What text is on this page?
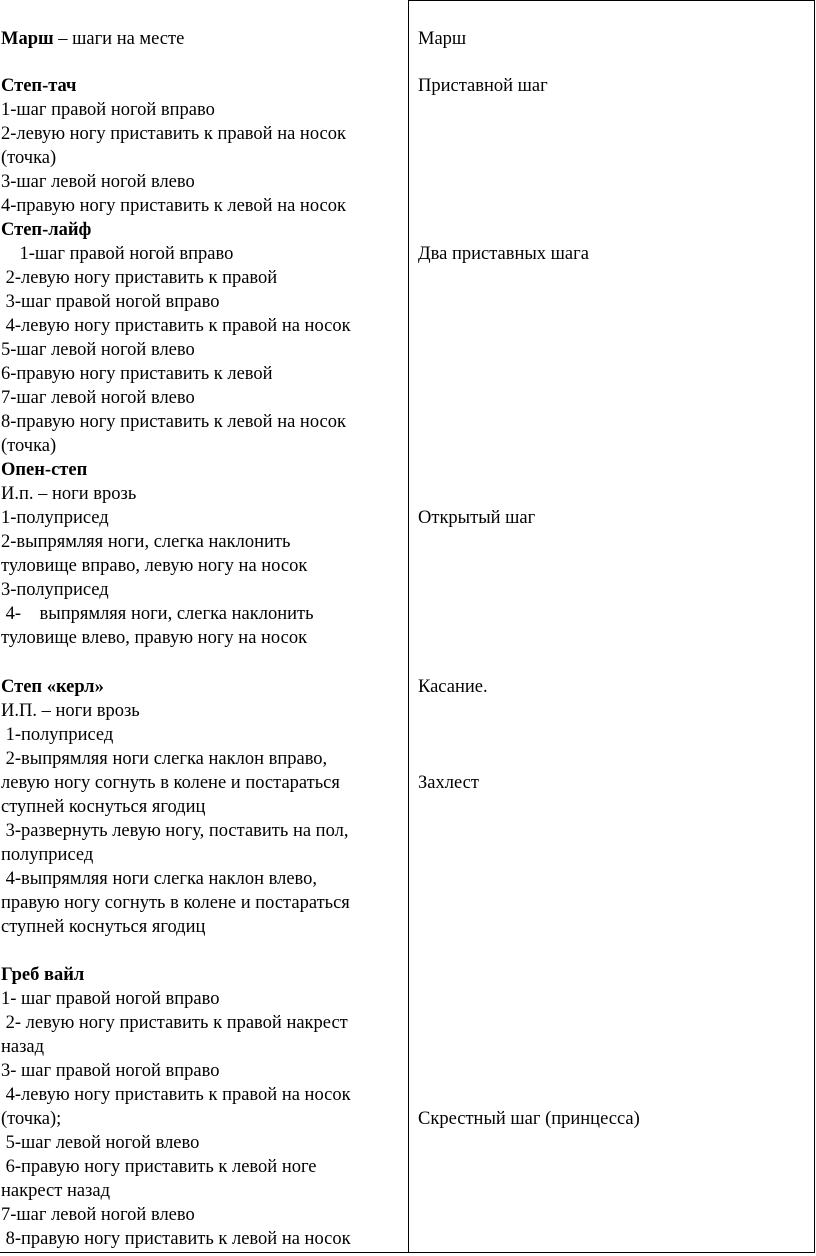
Марш – шаги на месте
Степ-тач
1-шаг правой ногой вправо
2-левую ногу приставить к правой на носок
(точка)
3-шаг левой ногой влево
4-правую ногу приставить к левой на носок
Степ-лайф
1-шаг правой ногой вправо
2-левую ногу приставить к правой
3-шаг правой ногой вправо
4-левую ногу приставить к правой на носок
5-шаг левой ногой влево
6-правую ногу приставить к левой
7-шаг левой ногой влево
8-правую ногу приставить к левой на носок
(точка)
Опен-степ
И.п. – ноги врозь
1-полуприсед
2-выпрямляя ноги, слегка наклонить
туловище вправо, левую ногу на носок
3-полуприсед
4-    выпрямляя ноги, слегка наклонить
туловище влево, правую ногу на носок
Степ «керл»
И.П. – ноги врозь
1-полуприсед
2-выпрямляя ноги слегка наклон вправо,
левую ногу согнуть в колене и постараться
ступней коснуться ягодиц
3-развернуть левую ногу, поставить на пол,
полуприсед
4-выпрямляя ноги слегка наклон влево,
правую ногу согнуть в колене и постараться
ступней коснуться ягодиц
Греб вайл
1- шаг правой ногой вправо
2- левую ногу приставить к правой накрест
назад
3- шаг правой ногой вправо
4-левую ногу приставить к правой на носок
(точка);
5-шаг левой ногой влево
6-правую ногу приставить к левой ноге
накрест назад
7-шаг левой ногой влево
8-правую ногу приставить к левой на носок
Марш
Приставной шаг
Два приставных шага
Открытый шаг
Касание.
Захлест
Скрестный шаг (принцесса)
